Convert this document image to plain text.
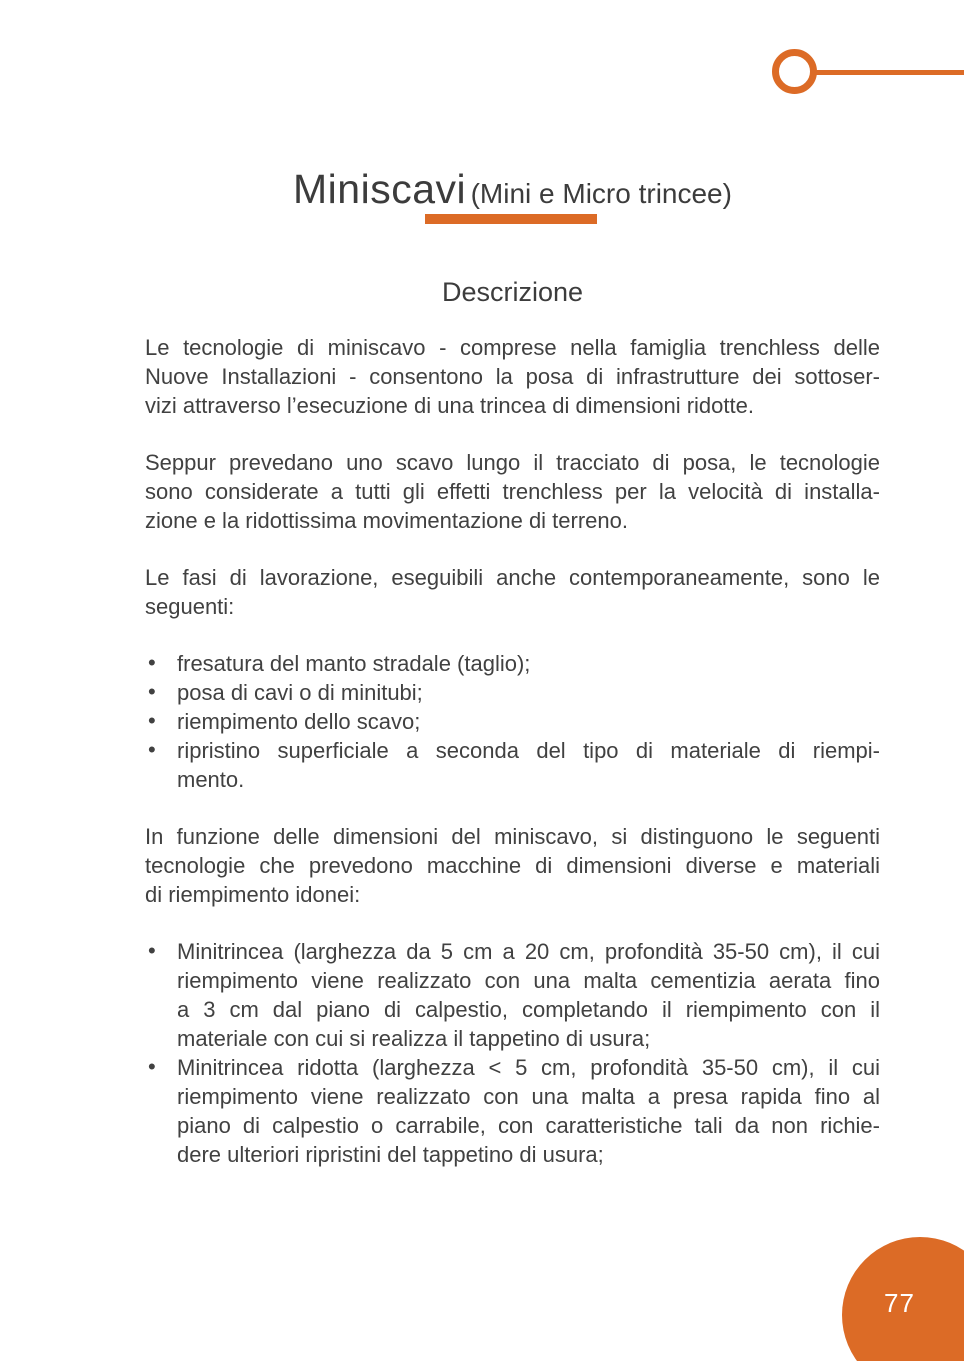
Miniscavi (Mini e Micro trincee)
Descrizione
Le tecnologie di miniscavo - comprese nella famiglia trenchless delle
Nuove Installazioni - consentono la posa di infrastrutture dei sottoser-
vizi attraverso l’esecuzione di una trincea di dimensioni ridotte.
Seppur prevedano uno scavo lungo il tracciato di posa, le tecnologie
sono considerate a tutti gli effetti trenchless per la velocità di installa-
zione e la ridottissima movimentazione di terreno.
Le fasi di lavorazione, eseguibili anche contemporaneamente, sono le
seguenti:
• fresatura del manto stradale (taglio);
• posa di cavi o di minitubi;
• riempimento dello scavo;
• ripristino superficiale a seconda del tipo di materiale di riempi-
mento.
In funzione delle dimensioni del miniscavo, si distinguono le seguenti
tecnologie che prevedono macchine di dimensioni diverse e materiali
di riempimento idonei:
• Minitrincea (larghezza da 5 cm a 20 cm, profondità 35-50 cm), il cui
riempimento viene realizzato con una malta cementizia aerata fino
a 3 cm dal piano di calpestio, completando il riempimento con il
materiale con cui si realizza il tappetino di usura;
• Minitrincea ridotta (larghezza < 5 cm, profondità 35-50 cm), il cui
riempimento viene realizzato con una malta a presa rapida fino al
piano di calpestio o carrabile, con caratteristiche tali da non richie-
dere ulteriori ripristini del tappetino di usura;
77
